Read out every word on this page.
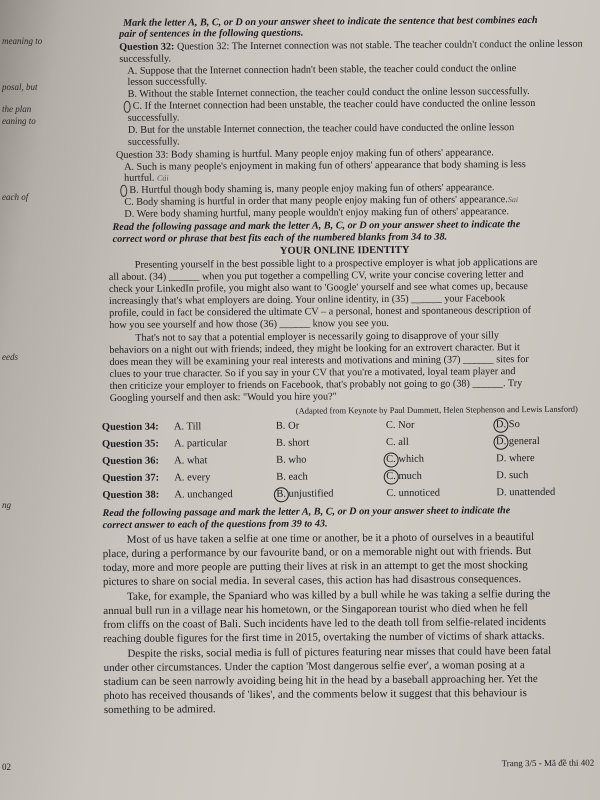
meaning to
posal, but
the plan
eaning to
each of
eeds
ng
02
Mark the letter A, B, C, or D on your answer sheet to indicate the sentence that best combines each
pair of sentences in the following questions.
Question 32: Question 32: The Internet connection was not stable. The teacher couldn't conduct the online lesson
successfully.
A. Suppose that the Internet connection hadn't been stable, the teacher could conduct the online
lesson successfully.
B. Without the stable Internet connection, the teacher could conduct the online lesson successfully.
C. If the Internet connection had been unstable, the teacher could have conducted the online lesson
successfully.
D. But for the unstable Internet connection, the teacher could have conducted the online lesson
successfully.
Question 33: Body shaming is hurtful. Many people enjoy making fun of others' appearance.
A. Such is many people's enjoyment in making fun of others' appearance that body shaming is less
hurtful. Cái
B. Hurtful though body shaming is, many people enjoy making fun of others' appearance.
C. Body shaming is hurtful in order that many people enjoy making fun of others' appearance.Sai
D. Were body shaming hurtful, many people wouldn't enjoy making fun of others' appearance.
Read the following passage and mark the letter A, B, C, or D on your answer sheet to indicate the
correct word or phrase that best fits each of the numbered blanks from 34 to 38.
YOUR ONLINE IDENTITY
Presenting yourself in the best possible light to a prospective employer is what job applications are
all about. (34) ______ when you put together a compelling CV, write your concise covering letter and
check your LinkedIn profile, you might also want to 'Google' yourself and see what comes up, because
increasingly that's what employers are doing. Your online identity, in (35) ______ your Facebook
profile, could in fact be considered the ultimate CV – a personal, honest and spontaneous description of
how you see yourself and how those (36) ______ know you see you.
That's not to say that a potential employer is necessarily going to disapprove of your silly
behaviors on a night out with friends; indeed, they might be looking for an extrovert character. But it
does mean they will be examining your real interests and motivations and mining (37) ______ sites for
clues to your true character. So if you say in your CV that you're a motivated, loyal team player and
then criticize your employer to friends on Facebook, that's probably not going to go (38) ______. Try
Googling yourself and then ask: "Would you hire you?"
(Adapted from Keynote by Paul Dummett, Helen Stephenson and Lewis Lansford)
Question 34: A. Till	B. Or	C. Nor	D. So
Question 35: A. particular	B. short	C. all	D. general
Question 36: A. what	B. who	C. which	D. where
Question 37: A. every	B. each	C. much	D. such
Question 38: A. unchanged	B. unjustified	C. unnoticed	D. unattended
Read the following passage and mark the letter A, B, C, or D on your answer sheet to indicate the
correct answer to each of the questions from 39 to 43.
Most of us have taken a selfie at one time or another, be it a photo of ourselves in a beautiful
place, during a performance by our favourite band, or on a memorable night out with friends. But
today, more and more people are putting their lives at risk in an attempt to get the most shocking
pictures to share on social media. In several cases, this action has had disastrous consequences.
Take, for example, the Spaniard who was killed by a bull while he was taking a selfie during the
annual bull run in a village near his hometown, or the Singaporean tourist who died when he fell
from cliffs on the coast of Bali. Such incidents have led to the death toll from selfie-related incidents
reaching double figures for the first time in 2015, overtaking the number of victims of shark attacks.
Despite the risks, social media is full of pictures featuring near misses that could have been fatal
under other circumstances. Under the caption 'Most dangerous selfie ever', a woman posing at a
stadium can be seen narrowly avoiding being hit in the head by a baseball approaching her. Yet the
photo has received thousands of 'likes', and the comments below it suggest that this behaviour is
something to be admired.
Trang 3/5 - Mã đề thi 402
